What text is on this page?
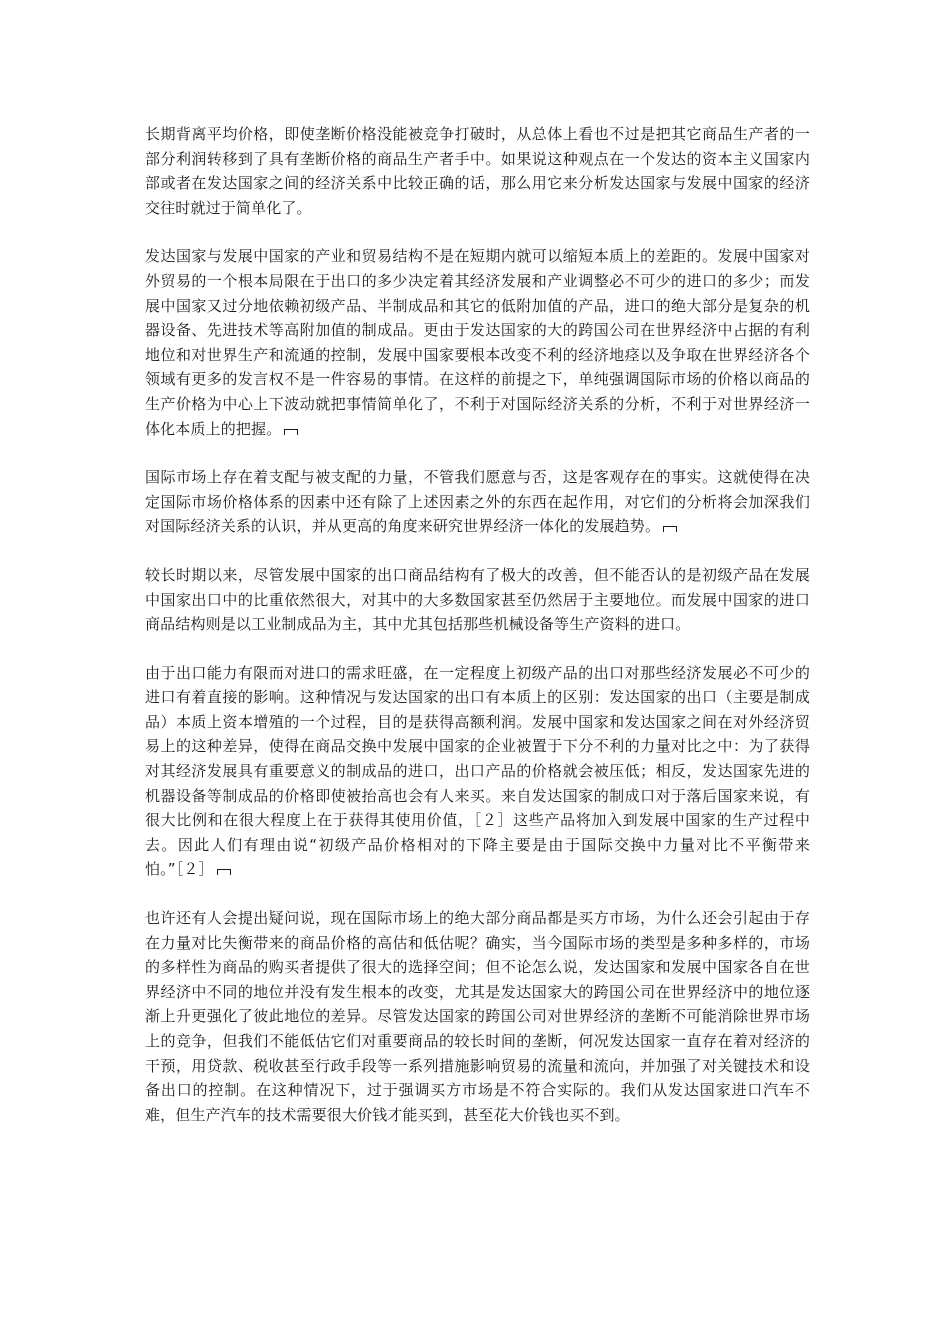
长期背离平均价格，即使垄断价格没能被竞争打破时，从总体上看也不过是把其它商品生产者的一部分利润转移到了具有垄断价格的商品生产者手中。如果说这种观点在一个发达的资本主义国家内部或者在发达国家之间的经济关系中比较正确的话，那么用它来分析发达国家与发展中国家的经济交往时就过于简单化了。

发达国家与发展中国家的产业和贸易结构不是在短期内就可以缩短本质上的差距的。发展中国家对外贸易的一个根本局限在于出口的多少决定着其经济发展和产业调整必不可少的进口的多少；而发展中国家又过分地依赖初级产品、半制成品和其它的低附加值的产品，进口的绝大部分是复杂的机器设备、先进技术等高附加值的制成品。更由于发达国家的大的跨国公司在世界经济中占据的有利地位和对世界生产和流通的控制，发展中国家要根本改变不利的经济地痉以及争取在世界经济各个领域有更多的发言权不是一件容易的事情。在这样的前提之下，单纯强调国际市场的价格以商品的生产价格为中心上下波动就把事情简单化了，不利于对国际经济关系的分析，不利于对世界经济一体化本质上的把握。

国际市场上存在着支配与被支配的力量，不管我们愿意与否，这是客观存在的事实。这就使得在决定国际市场价格体系的因素中还有除了上述因素之外的东西在起作用，对它们的分析将会加深我们对国际经济关系的认识，并从更高的角度来研究世界经济一体化的发展趋势。

较长时期以来，尽管发展中国家的出口商品结构有了极大的改善，但不能否认的是初级产品在发展中国家出口中的比重依然很大，对其中的大多数国家甚至仍然居于主要地位。而发展中国家的进口商品结构则是以工业制成品为主，其中尤其包括那些机械设备等生产资料的进口。

由于出口能力有限而对进口的需求旺盛，在一定程度上初级产品的出口对那些经济发展必不可少的进口有着直接的影响。这种情况与发达国家的出口有本质上的区别：发达国家的出口（主要是制成品）本质上资本增殖的一个过程，目的是获得高额利润。发展中国家和发达国家之间在对外经济贸易上的这种差异，使得在商品交换中发展中国家的企业被置于下分不利的力量对比之中：为了获得对其经济发展具有重要意义的制成品的进口，出口产品的价格就会被压低；相反，发达国家先进的机器设备等制成品的价格即使被抬高也会有人来买。来自发达国家的制成口对于落后国家来说，有很大比例和在很大程度上在于获得其使用价值，［２］这些产品将加入到发展中国家的生产过程中去。因此人们有理由说“初级产品价格相对的下降主要是由于国际交换中力量对比不平衡带来怕。”［２］

也许还有人会提出疑问说，现在国际市场上的绝大部分商品都是买方市场，为什么还会引起由于存在力量对比失衡带来的商品价格的高估和低估呢？确实，当今国际市场的类型是多种多样的，市场的多样性为商品的购买者提供了很大的选择空间；但不论怎么说，发达国家和发展中国家各自在世界经济中不同的地位并没有发生根本的改变，尤其是发达国家大的跨国公司在世界经济中的地位逐渐上升更强化了彼此地位的差异。尽管发达国家的跨国公司对世界经济的垄断不可能消除世界市场上的竞争，但我们不能低估它们对重要商品的较长时间的垄断，何况发达国家一直存在着对经济的干预，用贷款、税收甚至行政手段等一系列措施影响贸易的流量和流向，并加强了对关键技术和设备出口的控制。在这种情况下，过于强调买方市场是不符合实际的。我们从发达国家进口汽车不难，但生产汽车的技术需要很大价钱才能买到，甚至花大价钱也买不到。
